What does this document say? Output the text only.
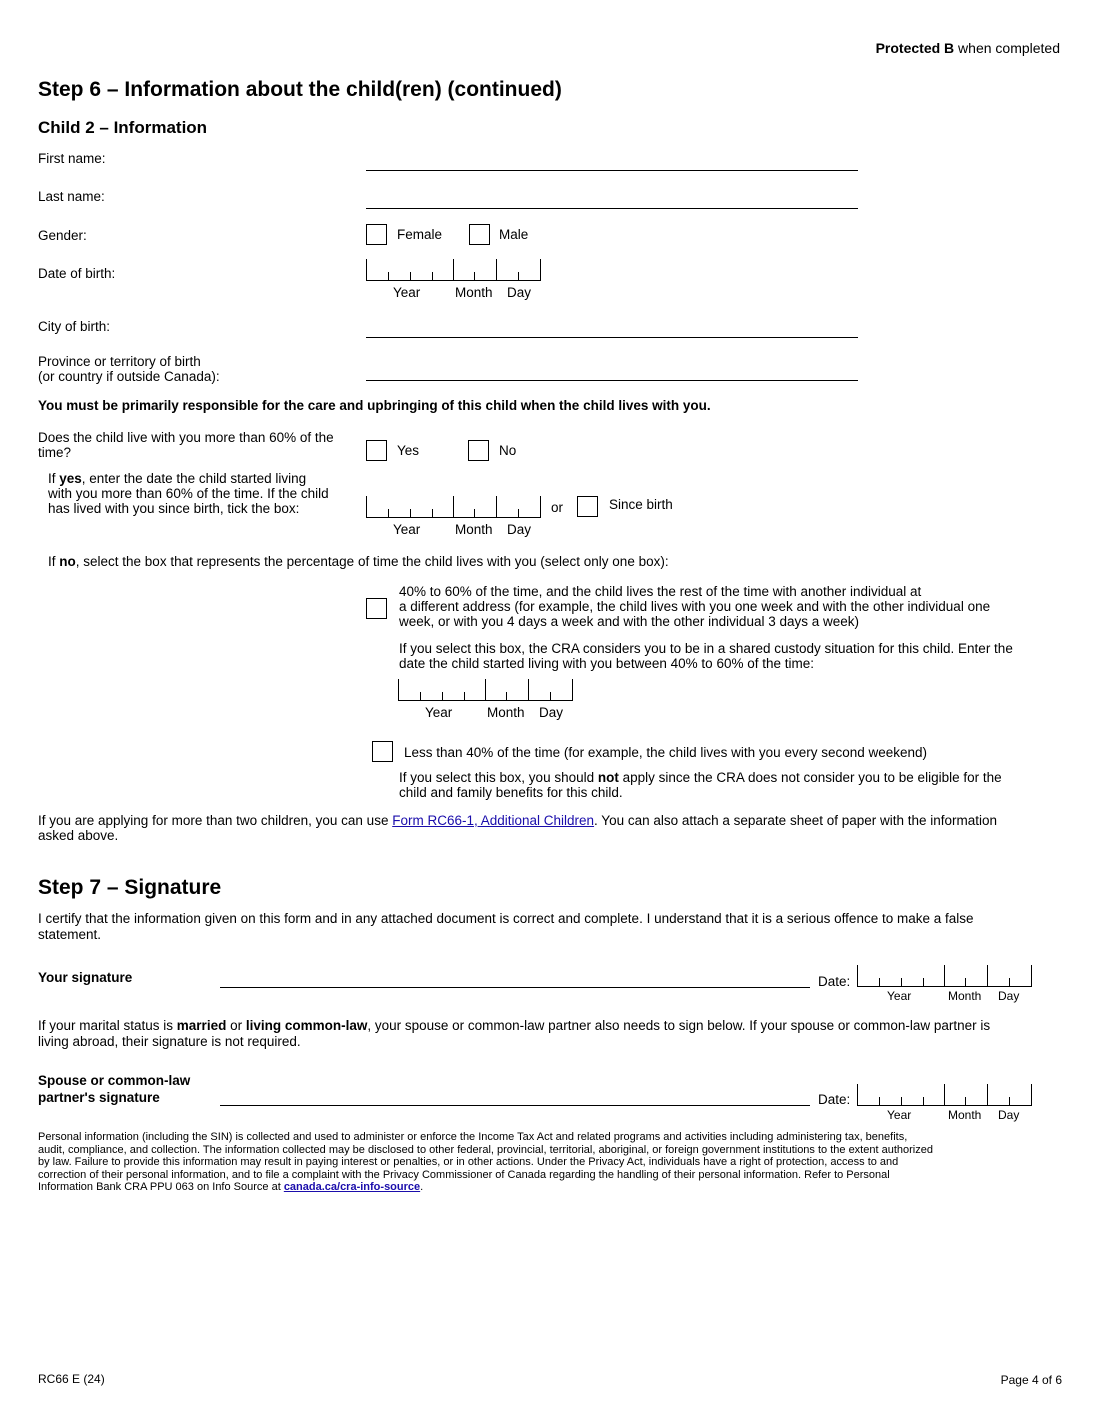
Protected B when completed
Step 6 – Information about the child(ren) (continued)
Child 2 – Information
First name:
Last name:
Gender:	Female	Male
Date of birth:
Year	Month Day
City of birth:
Province or territory of birth
(or country if outside Canada):
You must be primarily responsible for the care and upbringing of this child when the child lives with you.
Does the child live with you more than 60% of the
time?	Yes	No
If yes, enter the date the child started living
with you more than 60% of the time. If the child
has lived with you since birth, tick the box:	or	Since birth
Year	Month Day
If no, select the box that represents the percentage of time the child lives with you (select only one box):
40% to 60% of the time, and the child lives the rest of the time with another individual at
a different address (for example, the child lives with you one week and with the other individual one
week, or with you 4 days a week and with the other individual 3 days a week)
If you select this box, the CRA considers you to be in a shared custody situation for this child. Enter the
date the child started living with you between 40% to 60% of the time:
Year	Month Day
Less than 40% of the time (for example, the child lives with you every second weekend)
If you select this box, you should not apply since the CRA does not consider you to be eligible for the
child and family benefits for this child.
If you are applying for more than two children, you can use Form RC66-1, Additional Children. You can also attach a separate sheet of paper with the information
asked above.
Step 7 – Signature
I certify that the information given on this form and in any attached document is correct and complete. I understand that it is a serious offence to make a false
statement.
Your signature	Date:
Year	Month Day
If your marital status is married or living common-law, your spouse or common-law partner also needs to sign below. If your spouse or common-law partner is
living abroad, their signature is not required.
Spouse or common-law
partner's signature	Date:
Year	Month Day
Personal information (including the SIN) is collected and used to administer or enforce the Income Tax Act and related programs and activities including administering tax, benefits,
audit, compliance, and collection. The information collected may be disclosed to other federal, provincial, territorial, aboriginal, or foreign government institutions to the extent authorized
by law. Failure to provide this information may result in paying interest or penalties, or in other actions. Under the Privacy Act, individuals have a right of protection, access to and
correction of their personal information, and to file a complaint with the Privacy Commissioner of Canada regarding the handling of their personal information. Refer to Personal
Information Bank CRA PPU 063 on Info Source at canada.ca/cra-info-source.
RC66 E (24)	Page 4 of 6
